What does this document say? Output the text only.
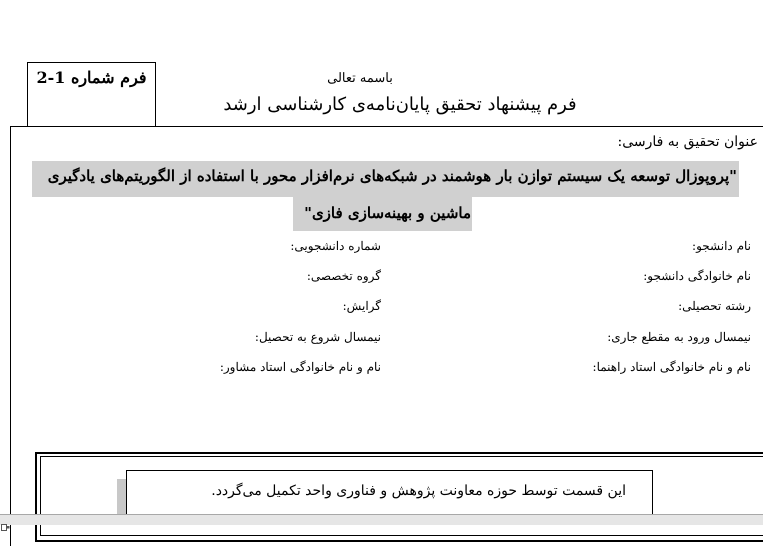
فرم شماره 1-2	باسمه تعالی
فرم پیشنهاد تحقیق پایان‌نامه‌ی کارشناسی ارشد
عنوان تحقیق به فارسی:
"پروپوزال توسعه یک سیستم توازن بار هوشمند در شبکه‌های نرم‌افزار محور با استفاده از الگوریتم‌های یادگیری
ماشین و بهینه‌سازی فازی"
نام دانشجو:
نام خانوادگی دانشجو:
رشته تحصیلی:
نیمسال ورود به مقطع جاری:
نام و نام خانوادگی استاد راهنما:
شماره دانشجویی:
گروه تخصصی:
گرایش:
نیمسال شروع به تحصیل:
نام و نام خانوادگی استاد مشاور:
این قسمت توسط حوزه معاونت پژوهش و فناوری واحد تکمیل می‌گردد.
